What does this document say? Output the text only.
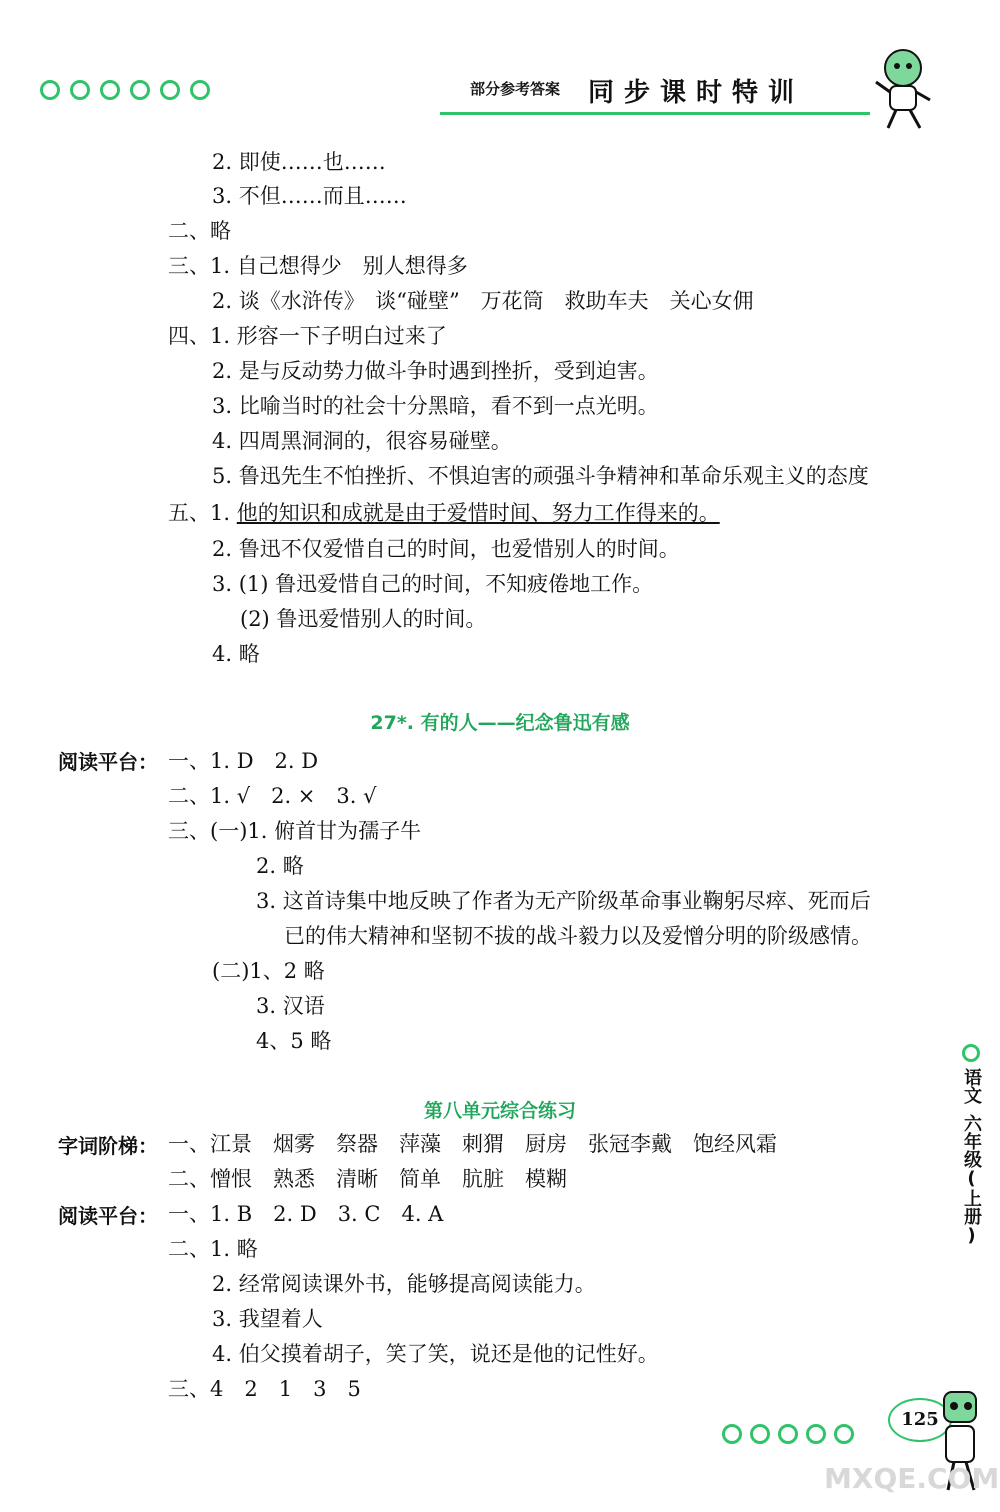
部分参考答案 同步课时特训
2. 即使……也……
3. 不但……而且……
二、略
三、1. 自己想得少　别人想得多
2. 谈《水浒传》　谈“碰壁”　万花筒　救助车夫　关心女佣
四、1. 形容一下子明白过来了
2. 是与反动势力做斗争时遇到挫折，受到迫害。
3. 比喻当时的社会十分黑暗，看不到一点光明。
4. 四周黑洞洞的，很容易碰壁。
5. 鲁迅先生不怕挫折、不惧迫害的顽强斗争精神和革命乐观主义的态度
五、1. 他的知识和成就是由于爱惜时间、努力工作得来的。
2. 鲁迅不仅爱惜自己的时间，也爱惜别人的时间。
3. (1) 鲁迅爱惜自己的时间，不知疲倦地工作。
(2) 鲁迅爱惜别人的时间。
4. 略
27*. 有的人——纪念鲁迅有感
阅读平台： 一、1. D　2. D
二、1. √　2. ×　3. √
三、(一)1. 俯首甘为孺子牛
2. 略
3. 这首诗集中地反映了作者为无产阶级革命事业鞠躬尽瘁、死而后
已的伟大精神和坚韧不拔的战斗毅力以及爱憎分明的阶级感情。
(二)1、2 略
3. 汉语
4、5 略
第八单元综合练习
字词阶梯： 一、江景　烟雾　祭器　萍藻　刺猬　厨房　张冠李戴　饱经风霜
二、憎恨　熟悉　清晰　简单　肮脏　模糊
阅读平台： 一、1. B　2. D　3. C　4. A
二、1. 略
2. 经常阅读课外书，能够提高阅读能力。
3. 我望着人
4. 伯父摸着胡子，笑了笑，说还是他的记性好。
三、4　2　1　3　5
语文
六年级(上册)
125
MXQE.COM
